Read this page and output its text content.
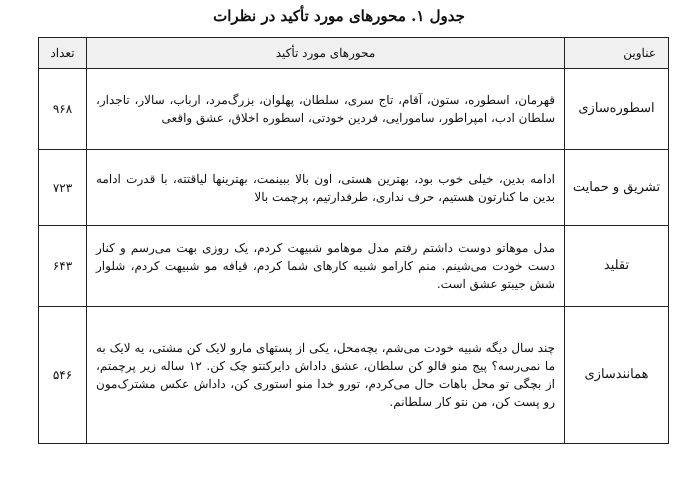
جدول ۱. محورهای مورد تأکید در نظرات
عناوین	محورهای مورد تأکید	تعداد
اسطوره‌سازی	قهرمان، اسطوره، ستون، آقام، تاج سری، سلطان، پهلوان، بزرگ‌مرد، ارباب، سالار، تاجدار، سلطان ادب، امپراطور، سامورایی، فردین خودتی، اسطوره اخلاق، عشق واقعی	۹۶۸
تشریق و حمایت	ادامه بدین، خیلی خوب بود، بهترین هستی، اون بالا ببینمت، بهترینها لیاقتته، با قدرت ادامه بدین ما کنارتون هستیم، حرف نداری، طرفدارتیم، پرچمت بالا	۷۲۳
تقلید	مدل موهاتو دوست داشتم رفتم مدل موهامو شبیهت کردم، یک روزی بهت می‌رسم و کنار دست خودت می‌شینم. منم کارامو شبیه کارهای شما کردم، قیافه مو شبیهت کردم، شلوار شش جیبتو عشق است.	۶۴۳
همانندسازی	چند سال دیگه شبیه خودت می‌شم، بچه‌محل، یکی از پستهای مارو لایک کن مشتی، یه لایک به ما نمی‌رسه؟ پیج منو فالو کن سلطان، عشق داداش دایرکتتو چک کن. ۱۲ ساله زیر پرچمتم، از بچگی تو محل باهات حال می‌کردم، تورو خدا منو استوری کن، داداش عکس مشترک‌مون رو پست کن، من نتو کار سلطانم.	۵۴۶
